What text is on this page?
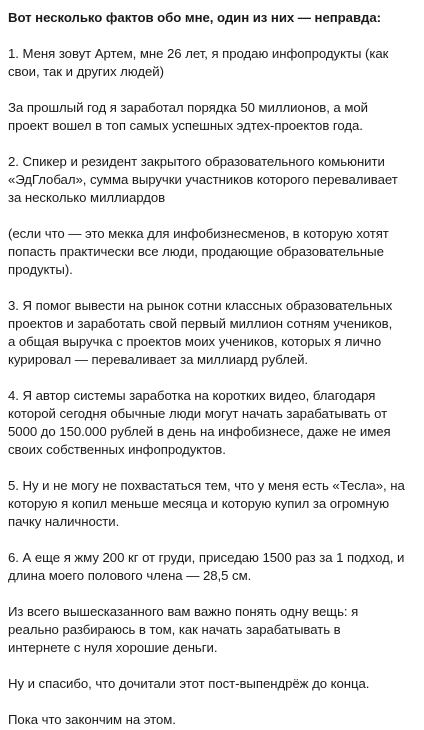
Вот несколько фактов обо мне, один из них — неправда:

1. Меня зовут Артем, мне 26 лет, я продаю инфопродукты (как
свои, так и других людей)

За прошлый год я заработал порядка 50 миллионов, а мой
проект вошел в топ самых успешных эдтех-проектов года.

2. Спикер и резидент закрытого образовательного комьюнити
«ЭдГлобал», сумма выручки участников которого переваливает
за несколько миллиардов

(если что — это мекка для инфобизнесменов, в которую хотят
попасть практически все люди, продающие образовательные
продукты).

3. Я помог вывести на рынок сотни классных образовательных
проектов и заработать свой первый миллион сотням учеников,
а общая выручка с проектов моих учеников, которых я лично
курировал — переваливает за миллиард рублей.

4. Я автор системы заработка на коротких видео, благодаря
которой сегодня обычные люди могут начать зарабатывать от
5000 до 150.000 рублей в день на инфобизнесе, даже не имея
своих собственных инфопродуктов.

5. Ну и не могу не похвастаться тем, что у меня есть «Тесла», на
которую я копил меньше месяца и которую купил за огромную
пачку наличности.

6. А еще я жму 200 кг от груди, приседаю 1500 раз за 1 подход, и
длина моего полового члена — 28,5 см.

Из всего вышесказанного вам важно понять одну вещь: я
реально разбираюсь в том, как начать зарабатывать в
интернете с нуля хорошие деньги.

Ну и спасибо, что дочитали этот пост-выпендрёж до конца.

Пока что закончим на этом.
